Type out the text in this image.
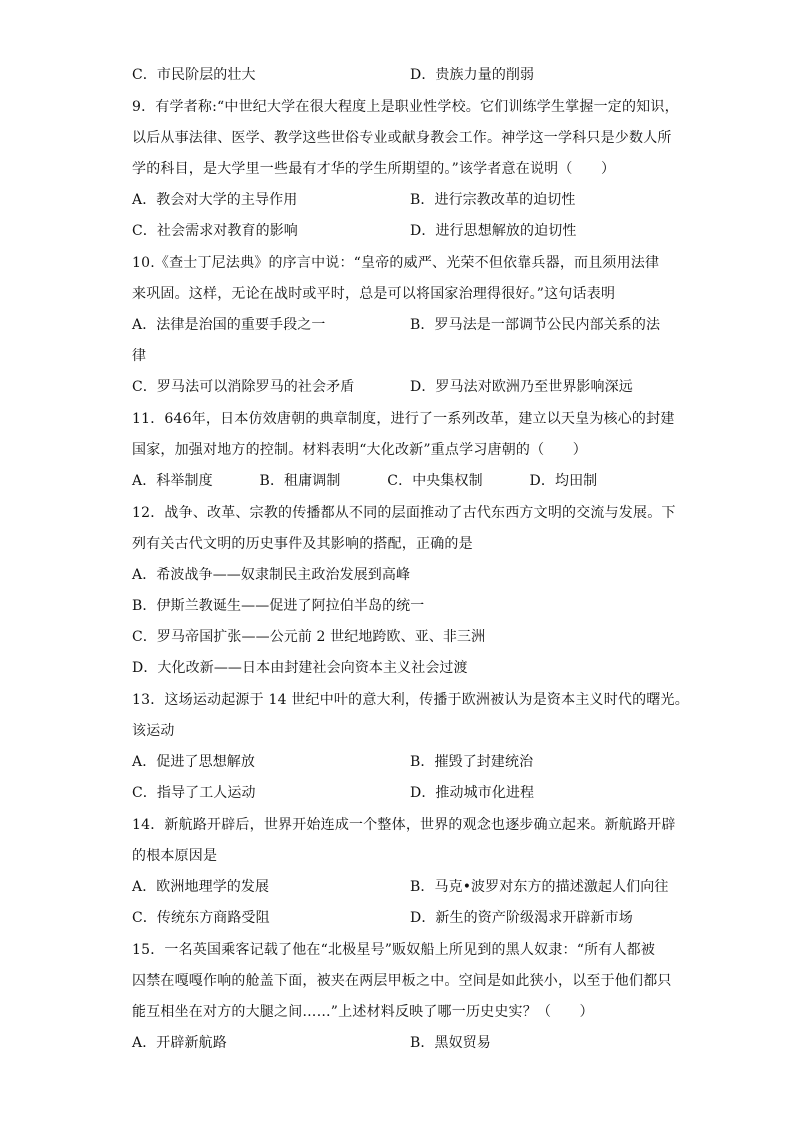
C．市民阶层的壮大	D．贵族力量的削弱
9．有学者称:“中世纪大学在很大程度上是职业性学校。它们训练学生掌握一定的知识，
以后从事法律、医学、教学这些世俗专业或献身教会工作。神学这一学科只是少数人所
学的科目，是大学里一些最有才华的学生所期望的。”该学者意在说明（　　）
A．教会对大学的主导作用	B．进行宗教改革的迫切性
C．社会需求对教育的影响	D．进行思想解放的迫切性
10.《查士丁尼法典》的序言中说：“皇帝的威严、光荣不但依靠兵器，而且须用法律
来巩固。这样，无论在战时或平时，总是可以将国家治理得很好。”这句话表明
A．法律是治国的重要手段之一	B．罗马法是一部调节公民内部关系的法
律
C．罗马法可以消除罗马的社会矛盾	D．罗马法对欧洲乃至世界影响深远
11．646年，日本仿效唐朝的典章制度，进行了一系列改革，建立以天皇为核心的封建
国家，加强对地方的控制。材料表明“大化改新”重点学习唐朝的（　　）
A．科举制度　　　 B．租庸调制　　　 C．中央集权制　　　 D．均田制
12．战争、改革、宗教的传播都从不同的层面推动了古代东西方文明的交流与发展。下
列有关古代文明的历史事件及其影响的搭配，正确的是
A．希波战争——奴隶制民主政治发展到高峰
B．伊斯兰教诞生——促进了阿拉伯半岛的统一
C．罗马帝国扩张——公元前 2 世纪地跨欧、亚、非三洲
D．大化改新——日本由封建社会向资本主义社会过渡
13．这场运动起源于 14 世纪中叶的意大利，传播于欧洲被认为是资本主义时代的曙光。
该运动
A．促进了思想解放	B．摧毁了封建统治
C．指导了工人运动	D．推动城市化进程
14．新航路开辟后，世界开始连成一个整体，世界的观念也逐步确立起来。新航路开辟
的根本原因是
A．欧洲地理学的发展	B．马克•波罗对东方的描述激起人们向往
C．传统东方商路受阻	D．新生的资产阶级渴求开辟新市场
15．一名英国乘客记载了他在“北极星号”贩奴船上所见到的黑人奴隶：“所有人都被
囚禁在嘎嘎作响的舱盖下面，被夹在两层甲板之中。空间是如此狭小，以至于他们都只
能互相坐在对方的大腿之间……”上述材料反映了哪一历史史实？（　　）
A．开辟新航路	B．黑奴贸易
